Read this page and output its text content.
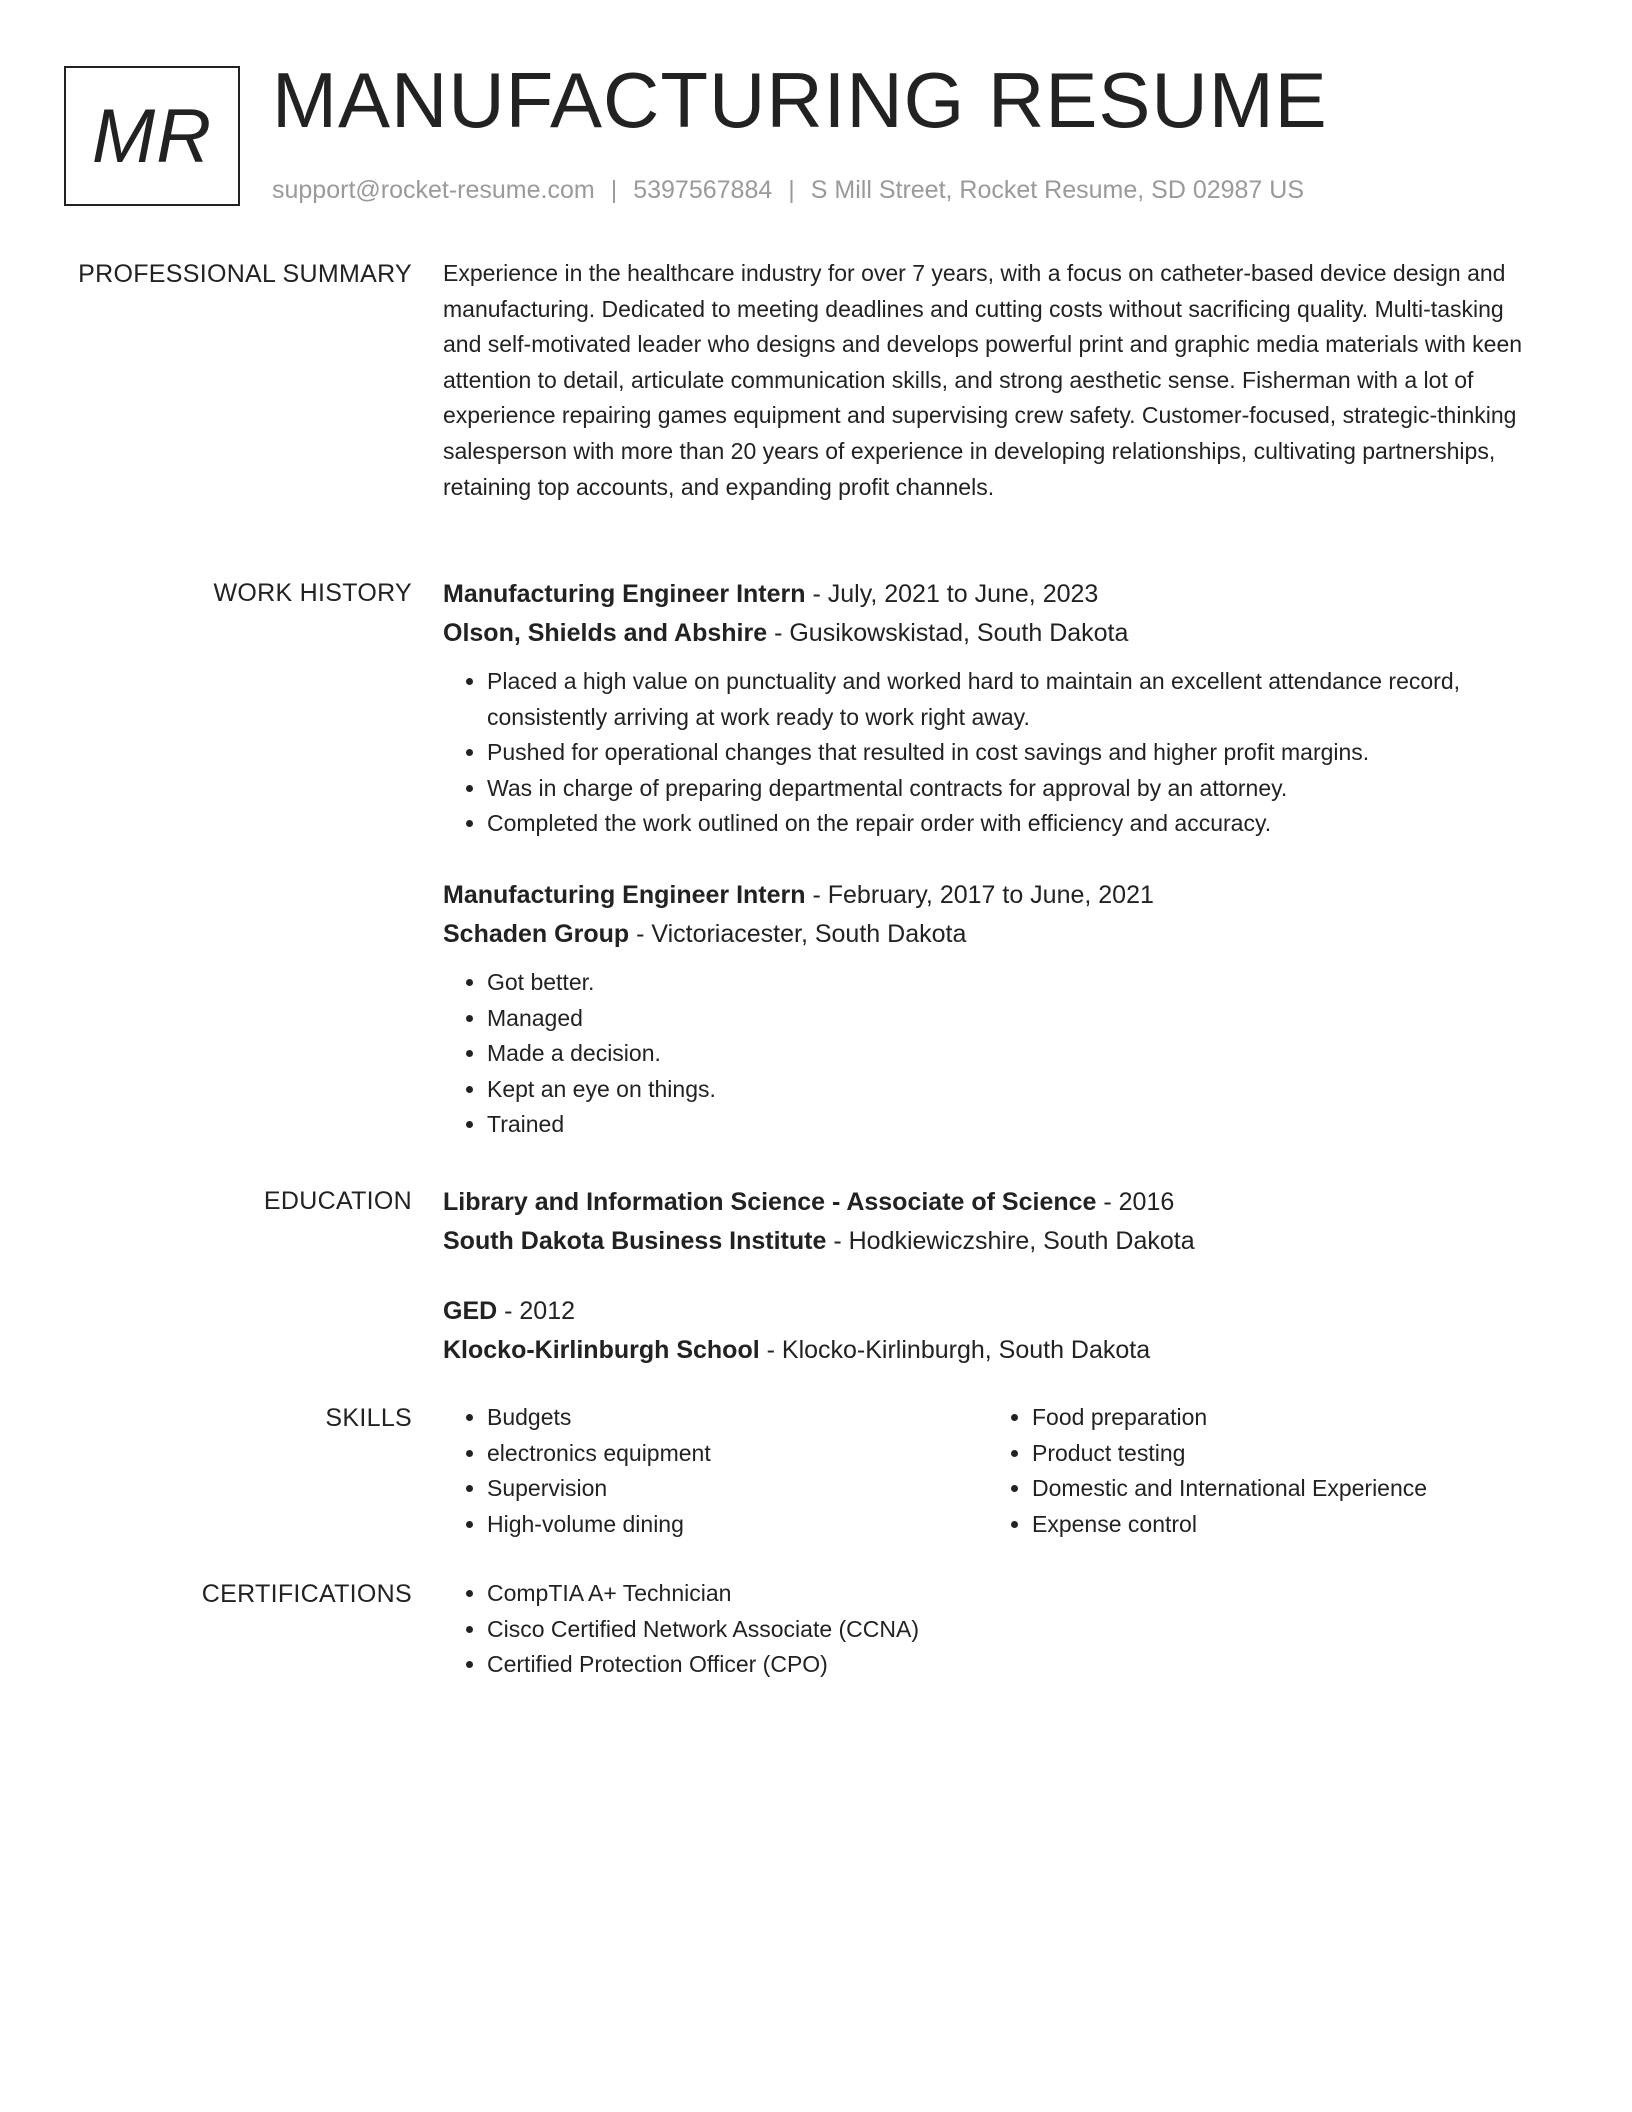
MR MANUFACTURING RESUME
support@rocket-resume.com | 5397567884 | S Mill Street, Rocket Resume, SD 02987 US
PROFESSIONAL SUMMARY Experience in the healthcare industry for over 7 years, with a focus on catheter-based device design and manufacturing. Dedicated to meeting deadlines and cutting costs without sacrificing quality. Multi-tasking and self-motivated leader who designs and develops powerful print and graphic media materials with keen attention to detail, articulate communication skills, and strong aesthetic sense. Fisherman with a lot of experience repairing games equipment and supervising crew safety. Customer-focused, strategic-thinking salesperson with more than 20 years of experience in developing relationships, cultivating partnerships, retaining top accounts, and expanding profit channels.

WORK HISTORY Manufacturing Engineer Intern - July, 2021 to June, 2023
Olson, Shields and Abshire - Gusikowskistad, South Dakota
• Placed a high value on punctuality and worked hard to maintain an excellent attendance record, consistently arriving at work ready to work right away.
• Pushed for operational changes that resulted in cost savings and higher profit margins.
• Was in charge of preparing departmental contracts for approval by an attorney.
• Completed the work outlined on the repair order with efficiency and accuracy.
Manufacturing Engineer Intern - February, 2017 to June, 2021
Schaden Group - Victoriacester, South Dakota
• Got better.
• Managed
• Made a decision.
• Kept an eye on things.
• Trained
EDUCATION Library and Information Science - Associate of Science - 2016
South Dakota Business Institute - Hodkiewiczshire, South Dakota
GED - 2012
Klocko-Kirlinburgh School - Klocko-Kirlinburgh, South Dakota
SKILLS	• Budgets
• electronics equipment
• Supervision
• High-volume dining
• Food preparation
• Product testing
• Domestic and International Experience
• Expense control
CERTIFICATIONS	• CompTIA A+ Technician
• Cisco Certified Network Associate (CCNA)
• Certified Protection Officer (CPO)
